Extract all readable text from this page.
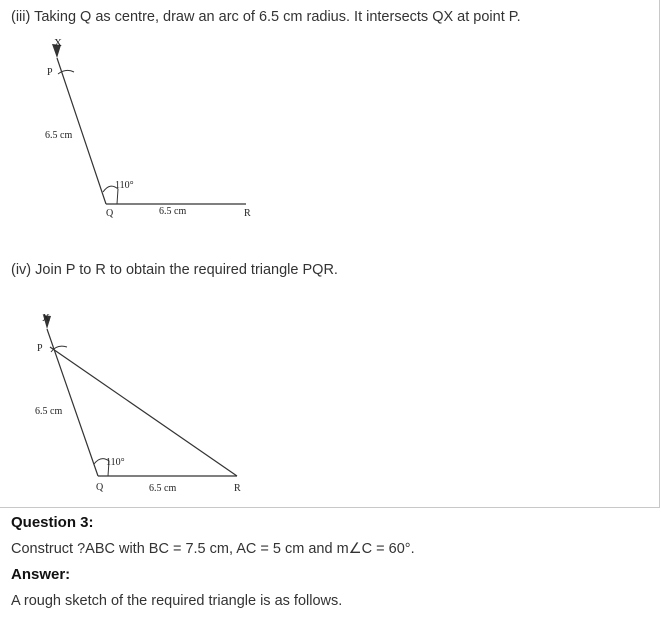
(iii) Taking Q as centre, draw an arc of 6.5 cm radius. It intersects QX at point P.
X
P
6.5 cm
110°
Q	6.5 cm	R
(iv) Join P to R to obtain the required triangle PQR.
X
P
6.5 cm
110°
Q	6.5 cm	R
Question 3:
Construct ?ABC with BC = 7.5 cm, AC = 5 cm and m∠C = 60°.
Answer:
A rough sketch of the required triangle is as follows.
